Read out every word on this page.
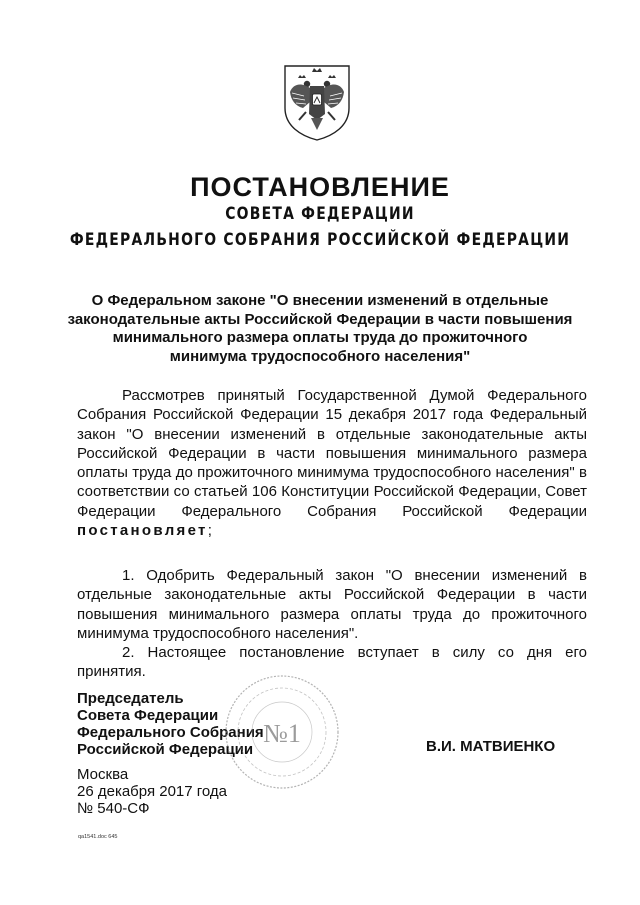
ПОСТАНОВЛЕНИЕ
СОВЕТА ФЕДЕРАЦИИ
ФЕДЕРАЛЬНОГО СОБРАНИЯ РОССИЙСКОЙ ФЕДЕРАЦИИ
О Федеральном законе "О внесении изменений в отдельные
законодательные акты Российской Федерации в части повышения
минимального размера оплаты труда до прожиточного
минимума трудоспособного населения"
Рассмотрев принятый Государственной Думой Федерального Собрания Российской Федерации 15 декабря 2017 года Федеральный закон "О внесении изменений в отдельные законодательные акты Российской Федерации в части повышения минимального размера оплаты труда до прожиточного минимума трудоспособного населения" в соответствии со статьей 106 Конституции Российской Федерации, Совет Федерации Федерального Собрания Российской Федерации постановляет;
1. Одобрить Федеральный закон "О внесении изменений в отдельные законодательные акты Российской Федерации в части повышения минимального размера оплаты труда до прожиточного минимума трудоспособного населения".
2. Настоящее постановление вступает в силу со дня его принятия.
Председатель
Совета Федерации
Федерального Собрания
Российской Федерации	В.И. МАТВИЕНКО
№1
Москва
26 декабря 2017 года
№ 540-СФ
qa1541.doc 645
